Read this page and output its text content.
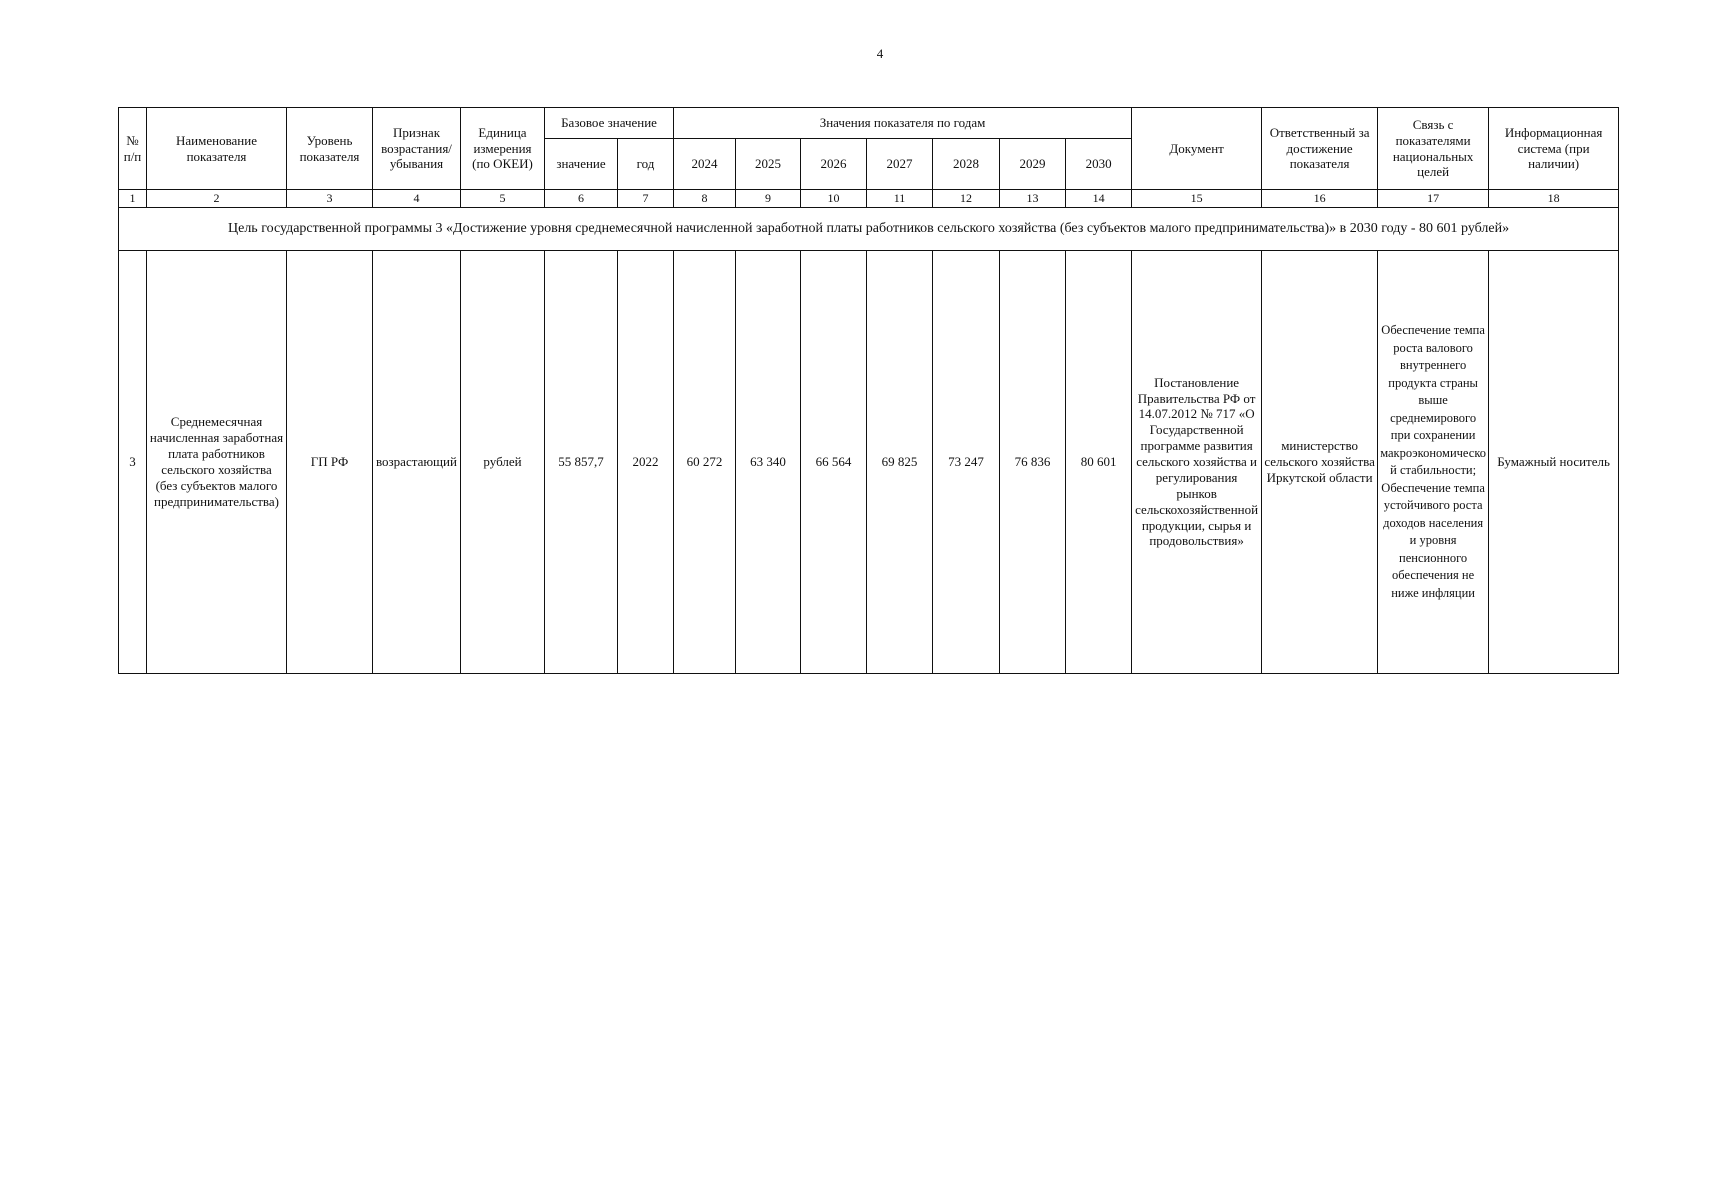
4
№ п/п	Наименование показателя	Уровень показателя	Признак возрастания/ убывания	Единица измерения (по ОКЕИ)	Базовое значение		Значения показателя по годам							Документ	Ответственный за достижение показателя	Связь с показателями национальных целей	Информационная система (при наличии)
					значение	год	2024	2025	2026	2027	2028	2029	2030				
1	2	3	4	5	6	7	8	9	10	11	12	13	14	15	16	17	18
Цель государственной программы 3 «Достижение уровня среднемесячной начисленной заработной платы работников сельского хозяйства (без субъектов малого предпринимательства)» в 2030 году - 80 601 рублей»																	
3	Среднемесячная начисленная заработная плата работников сельского хозяйства (без субъектов малого предпринимательства)	ГП РФ	возрастающий	рублей	55 857,7	2022	60 272	63 340	66 564	69 825	73 247	76 836	80 601	Постановление Правительства РФ от 14.07.2012 № 717 «О Государственной программе развития сельского хозяйства и регулирования рынков сельскохозяйственной продукции, сырья и продовольствия»	министерство сельского хозяйства Иркутской области	Обеспечение темпа роста валового внутреннего продукта страны выше среднемирового при сохранении макроэкономической стабильности; Обеспечение темпа устойчивого роста доходов населения и уровня пенсионного обеспечения не ниже инфляции	Бумажный носитель
